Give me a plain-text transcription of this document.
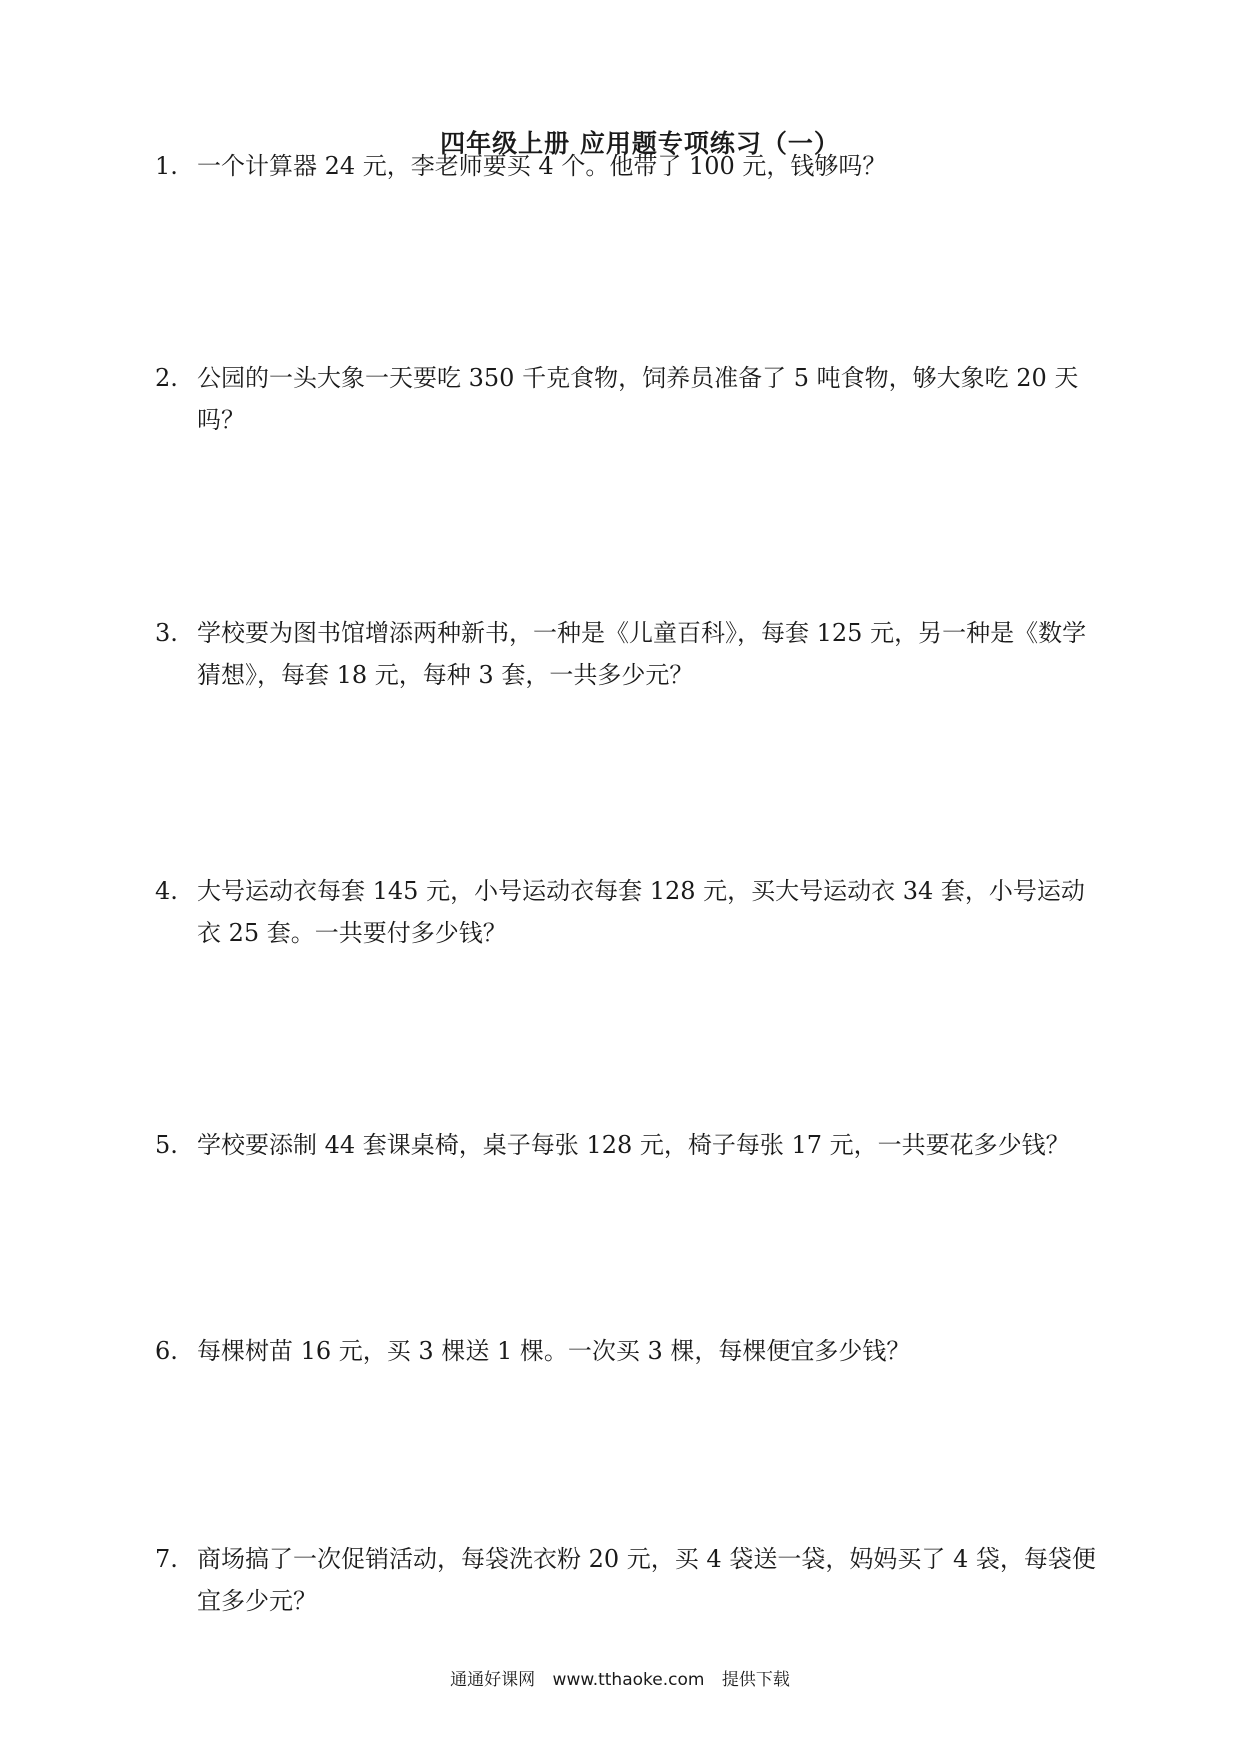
四年级上册 应用题专项练习（一）
1. 一个计算器 24 元，李老师要买 4 个。他带了 100 元，钱够吗？
2. 公园的一头大象一天要吃 350 千克食物，饲养员准备了 5 吨食物，够大象吃 20 天吗？
3. 学校要为图书馆增添两种新书，一种是《儿童百科》，每套 125 元，另一种是《数学猜想》，每套 18 元，每种 3 套，一共多少元？
4. 大号运动衣每套 145 元，小号运动衣每套 128 元，买大号运动衣 34 套，小号运动衣 25 套。一共要付多少钱？
5. 学校要添制 44 套课桌椅，桌子每张 128 元，椅子每张 17 元，一共要花多少钱？
6. 每棵树苗 16 元，买 3 棵送 1 棵。一次买 3 棵，每棵便宜多少钱？
7. 商场搞了一次促销活动，每袋洗衣粉 20 元，买 4 袋送一袋，妈妈买了 4 袋，每袋便宜多少元？
通通好课网 www.tthaoke.com 提供下载
